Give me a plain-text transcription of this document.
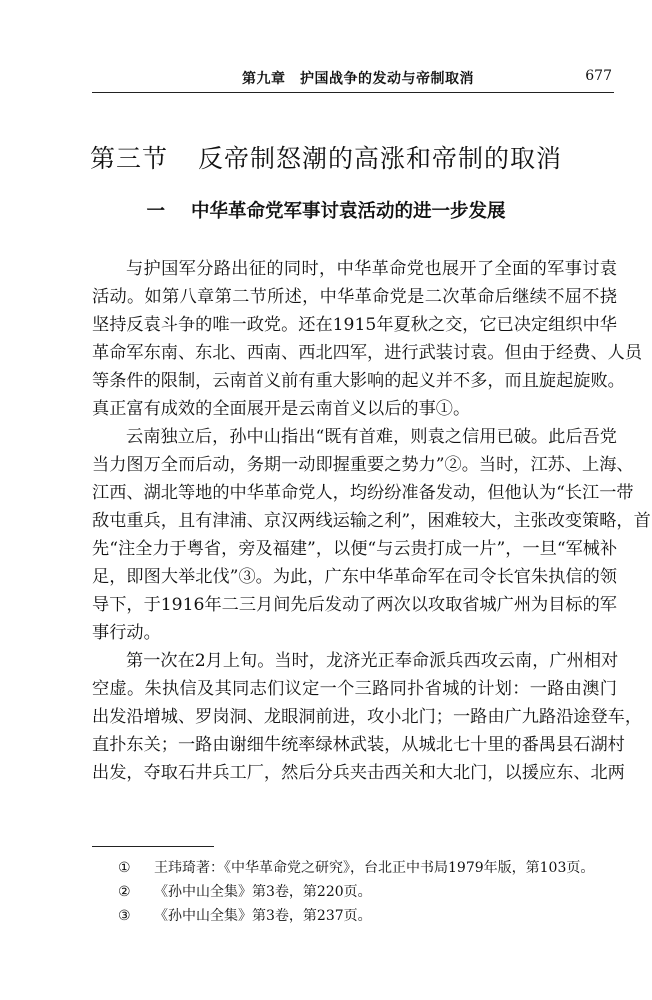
第九章　护国战争的发动与帝制取消	677
第三节 反帝制怒潮的高涨和帝制的取消
一 中华革命党军事讨袁活动的进一步发展
与护国军分路出征的同时，中华革命党也展开了全面的军事讨袁
活动。如第八章第二节所述，中华革命党是二次革命后继续不屈不挠
坚持反袁斗争的唯一政党。还在1915年夏秋之交，它已决定组织中华
革命军东南、东北、西南、西北四军，进行武装讨袁。但由于经费、人员
等条件的限制，云南首义前有重大影响的起义并不多，而且旋起旋败。
真正富有成效的全面展开是云南首义以后的事①。
云南独立后，孙中山指出“既有首难，则袁之信用已破。此后吾党
当力图万全而后动，务期一动即握重要之势力”②。当时，江苏、上海、
江西、湖北等地的中华革命党人，均纷纷准备发动，但他认为“长江一带
敌屯重兵，且有津浦、京汉两线运输之利”，困难较大，主张改变策略，首
先“注全力于粤省，旁及福建”，以便“与云贵打成一片”，一旦“军械补
足，即图大举北伐”③。为此，广东中华革命军在司令长官朱执信的领
导下，于1916年二三月间先后发动了两次以攻取省城广州为目标的军
事行动。
第一次在2月上旬。当时，龙济光正奉命派兵西攻云南，广州相对
空虚。朱执信及其同志们议定一个三路同扑省城的计划：一路由澳门
出发沿增城、罗岗洞、龙眼洞前进，攻小北门；一路由广九路沿途登车，
直扑东关；一路由谢细牛统率绿林武装，从城北七十里的番禺县石湖村
出发，夺取石井兵工厂，然后分兵夹击西关和大北门，以援应东、北两
① 王玮琦著：《中华革命党之研究》，台北正中书局1979年版，第103页。
② 《孙中山全集》第3卷，第220页。
③ 《孙中山全集》第3卷，第237页。
